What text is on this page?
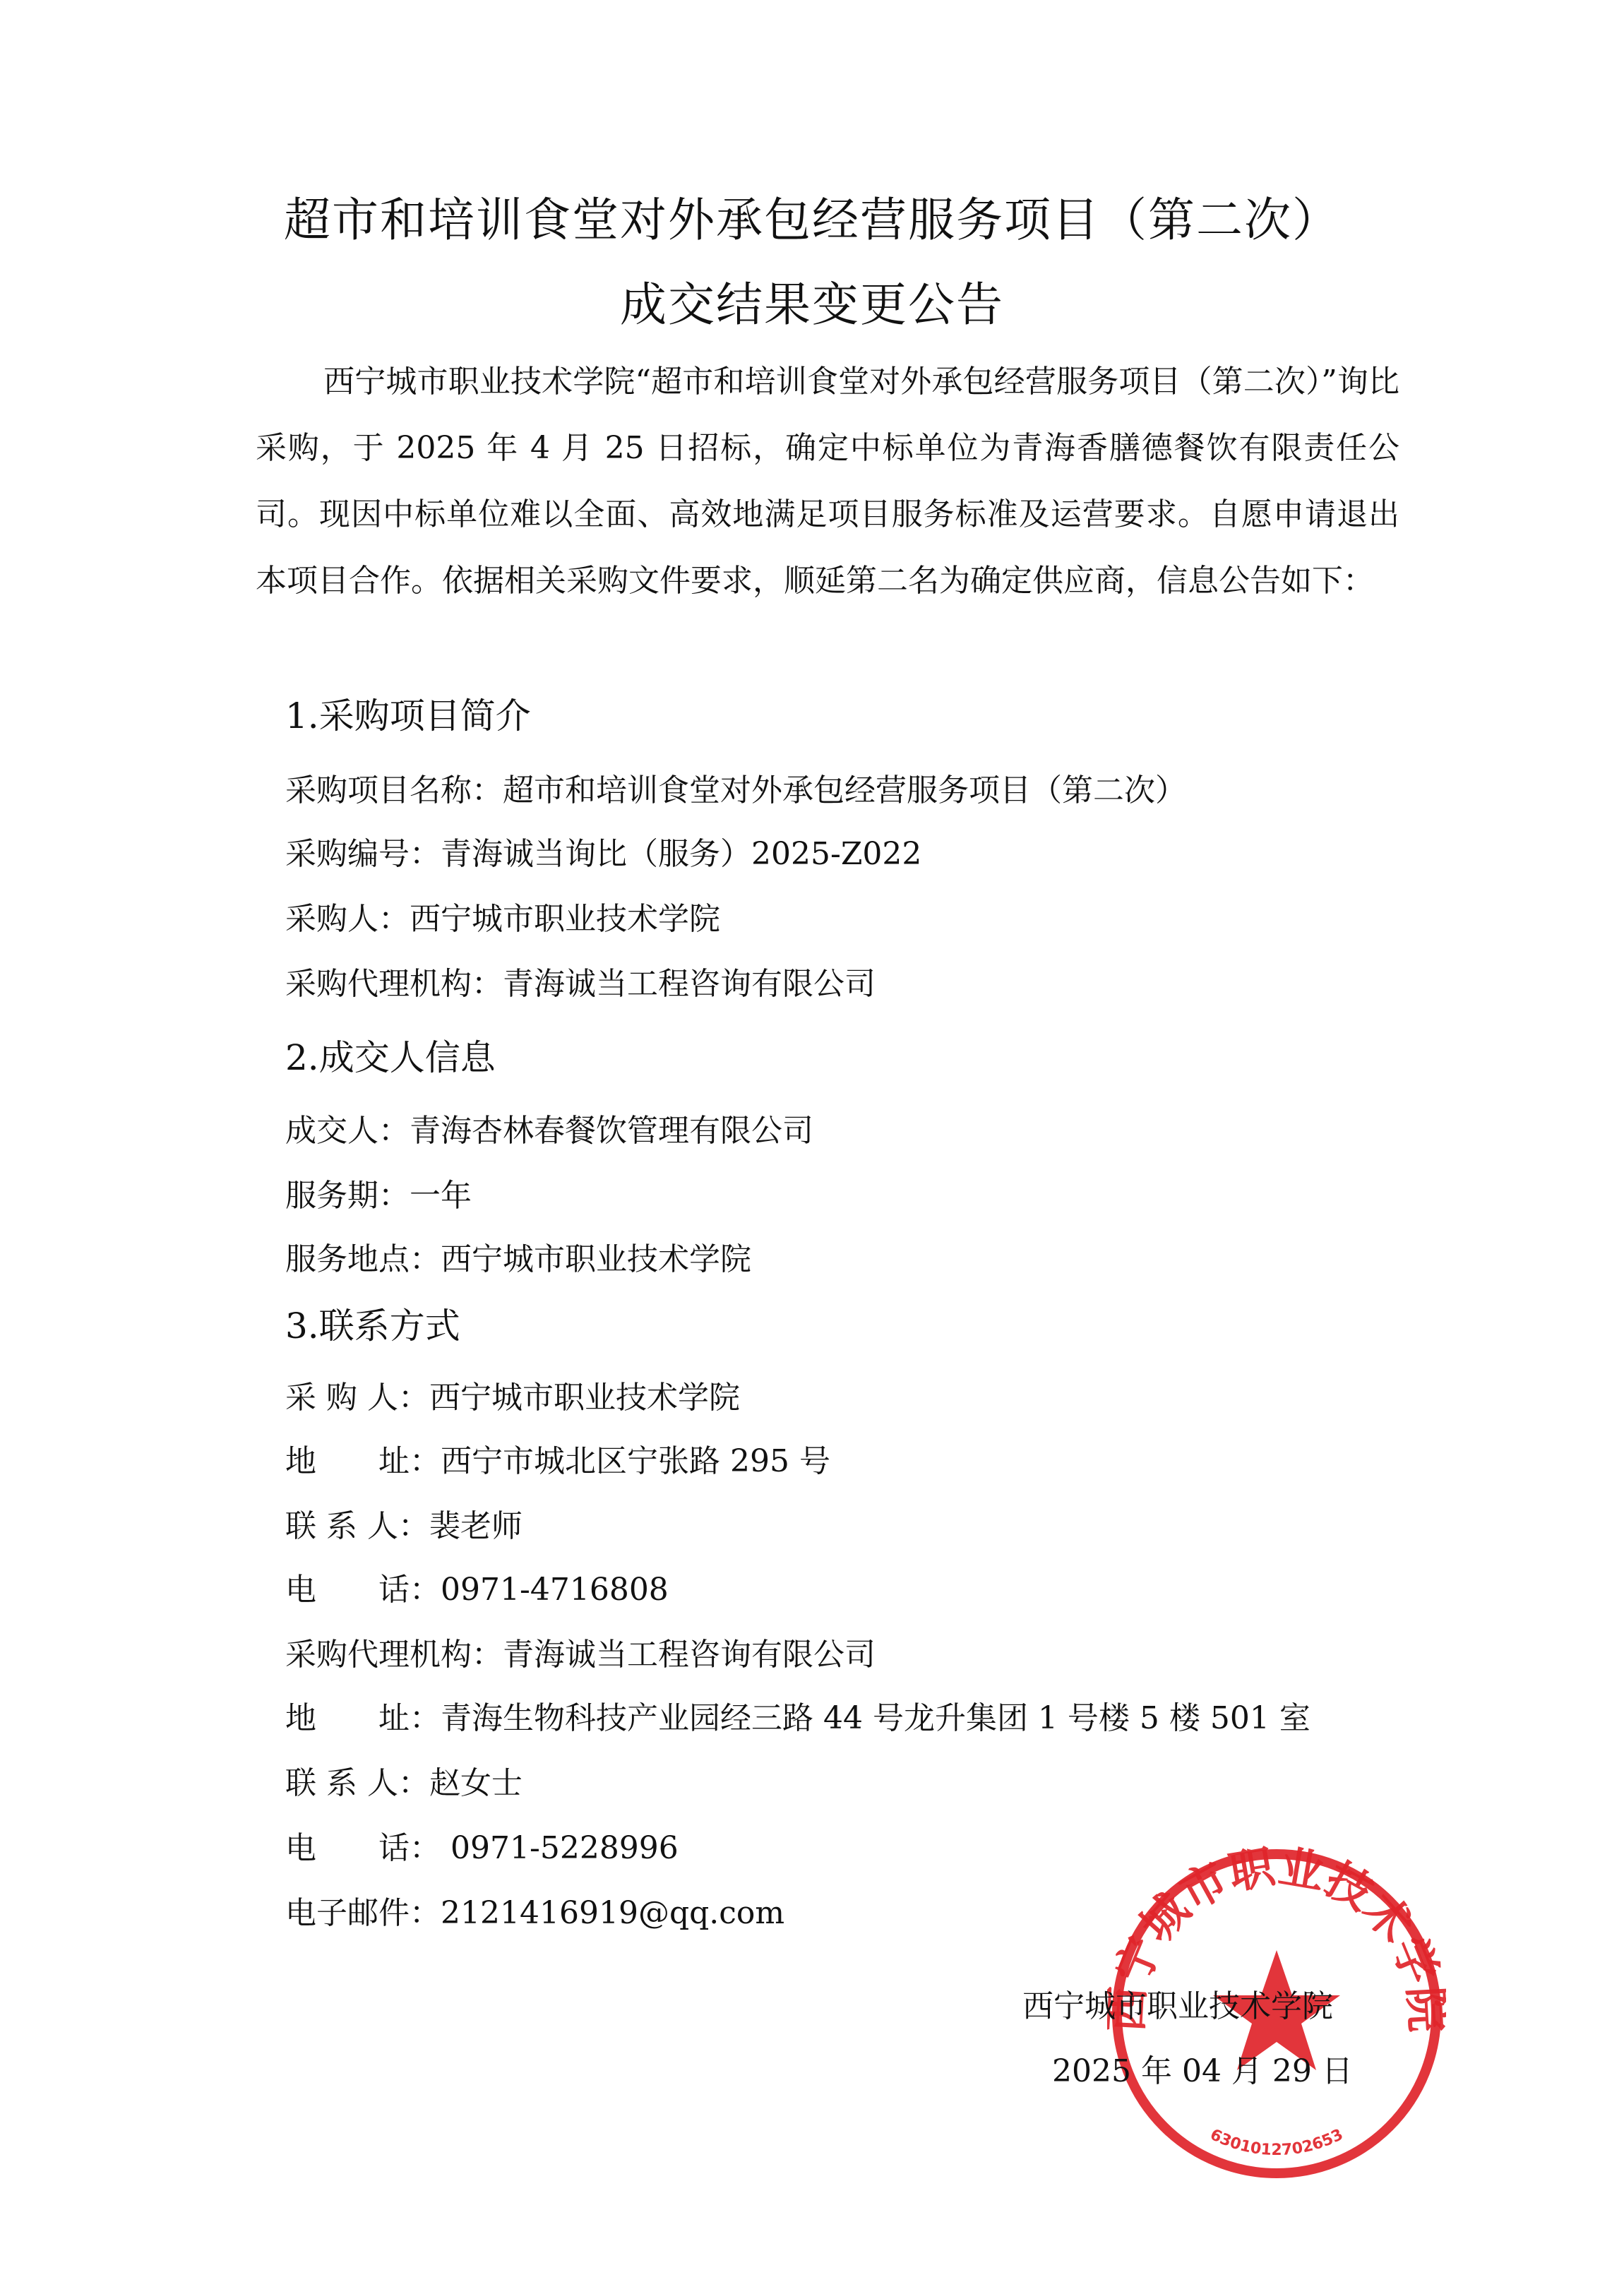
超市和培训食堂对外承包经营服务项目（第二次）
成交结果变更公告

西宁城市职业技术学院“超市和培训食堂对外承包经营服务项目（第二次）”询比采购，于 2025 年 4 月 25 日招标，确定中标单位为青海香膳德餐饮有限责任公司。现因中标单位难以全面、高效地满足项目服务标准及运营要求。自愿申请退出本项目合作。依据相关采购文件要求，顺延第二名为确定供应商，信息公告如下：

1.采购项目简介
采购项目名称：超市和培训食堂对外承包经营服务项目（第二次）
采购编号：青海诚当询比（服务）2025-Z022
采购人：西宁城市职业技术学院
采购代理机构：青海诚当工程咨询有限公司
2.成交人信息
成交人：青海杏林春餐饮管理有限公司
服务期：一年
服务地点：西宁城市职业技术学院
3.联系方式
采 购 人：西宁城市职业技术学院
地　　址：西宁市城北区宁张路 295 号
联 系 人：裴老师
电　　话：0971-4716808
采购代理机构：青海诚当工程咨询有限公司
地　　址：青海生物科技产业园经三路 44 号龙升集团 1 号楼 5 楼 501 室
联 系 人：赵女士
电　　话： 0971-5228996
电子邮件：2121416919@qq.com
宁城市职业技术学
6301012702653
西宁城市职业技术学院
2025 年 04 月 29 日
